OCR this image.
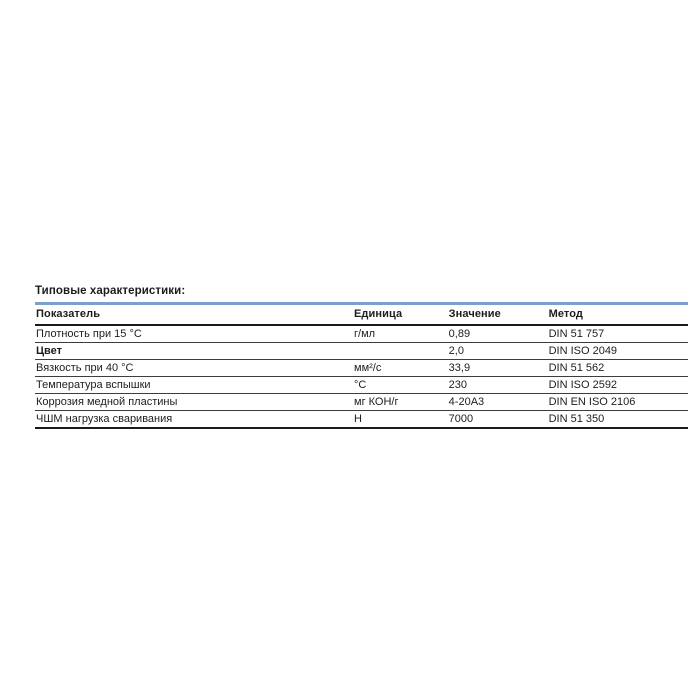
Типовые характеристики:

Показатель	Единица	Значение	Метод
Плотность при 15 °C	г/мл	0,89	DIN 51 757
Цвет		2,0	DIN ISO 2049
Вязкость при 40 °C	мм²/с	33,9	DIN 51 562
Температура вспышки	°C	230	DIN ISO 2592
Коррозия медной пластины	мг КОН/г	4-20A3	DIN EN ISO 2106
ЧШМ нагрузка сваривания	Н	7000	DIN 51 350
